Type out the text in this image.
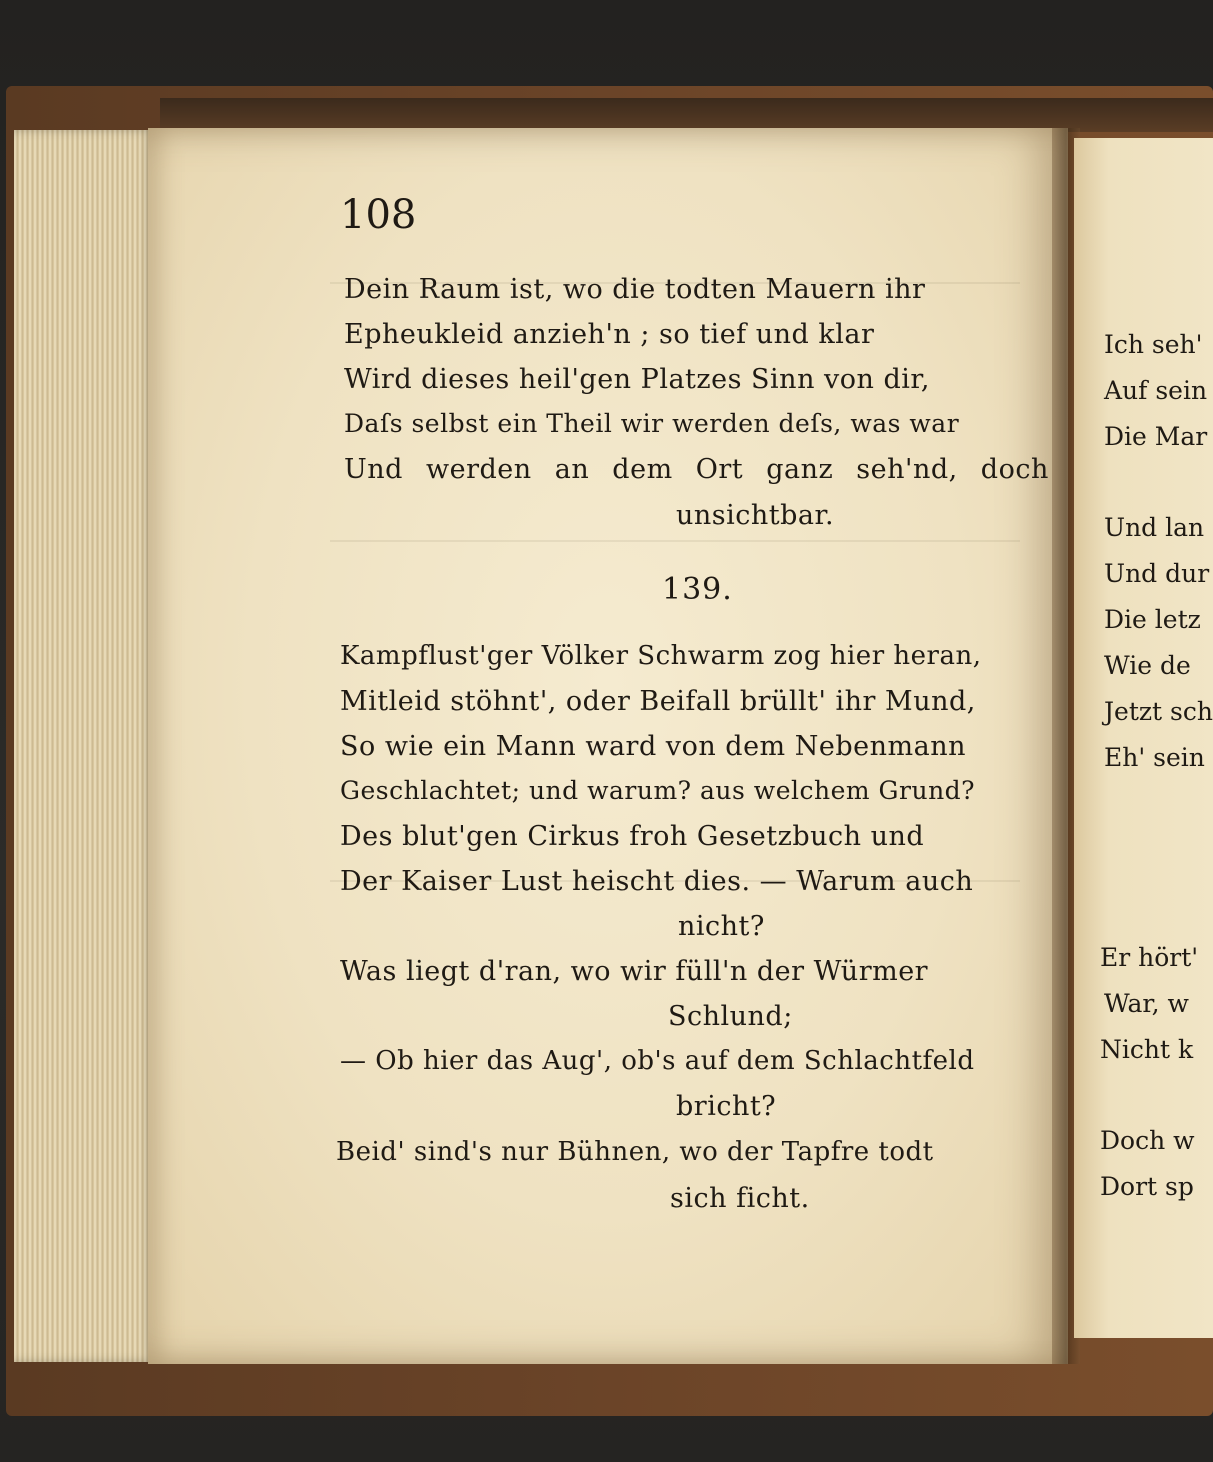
108
Dein Raum ist, wo die todten Mauern ihr
Epheukleid anzieh'n ; so tief und klar
Wird dieses heil'gen Platzes Sinn von dir,
Daſs selbst ein Theil wir werden deſs, was war
Und werden an dem Ort ganz seh'nd, doch
unsichtbar.
139.
Kampflust'ger Völker Schwarm zog hier heran,
Mitleid stöhnt', oder Beifall brüllt' ihr Mund,
So wie ein Mann ward von dem Nebenmann
Geschlachtet; und warum? aus welchem Grund?
Des blut'gen Cirkus froh Gesetzbuch und
Der Kaiser Lust heischt dies. — Warum auch
nicht?
Was liegt d'ran, wo wir füll'n der Würmer
Schlund;
— Ob hier das Aug', ob's auf dem Schlachtfeld
bricht?
Beid' sind's nur Bühnen, wo der Tapfre todt
sich ficht.
Ich seh'
Auf sein
Die Mar
Und lan
Und dur
Die letz
Wie de
Jetzt sch
Eh' sein
Er hört'
War, w
Nicht k
Doch w
Dort sp
